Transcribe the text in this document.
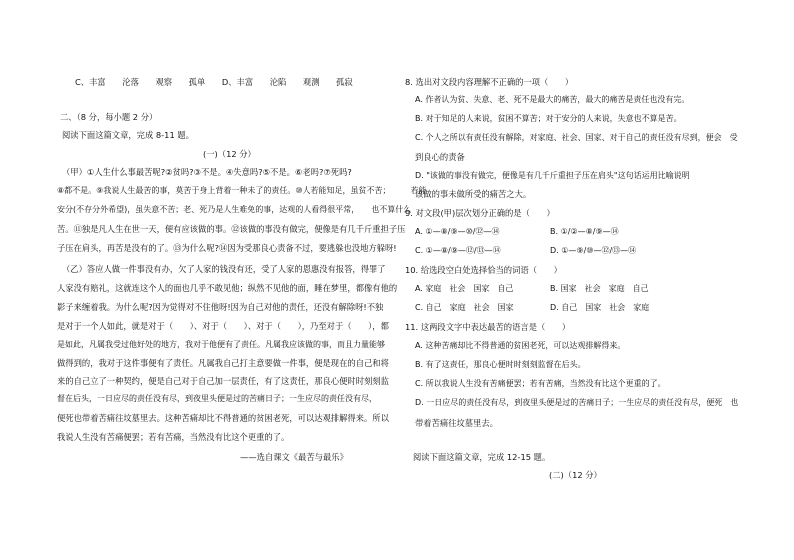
C、丰富　　沦落　　观察　　孤单　　D、丰富　　沦陷　　观测　　孤寂
二、（8 分，每小题 2 分）
阅读下面这篇文章，完成 8-11 题。
(一)（12 分）
（甲）①人生什么事最苦呢?②贫吗?③不是。④失意吗?⑤不是。⑥老吗?⑦死吗?
⑧都不是。⑨我说人生最苦的事，莫苦于身上背着一种未了的责任。⑩人若能知足，虽贫不苦；　　　若能
安分(不存分外希望)，虽失意不苦；老、死乃是人生难免的事，达观的人看得很平常，　　也不算什么
苦。⑪独是凡人生在世一天，便有应该做的事。⑫该做的事没有做完，便像是有几千斤重担子压
子压在肩头，再苦是没有的了。⑬为什么呢?⑭因为受那良心责备不过，要逃躲也没地方躲呀!
（乙）答应人做一件事没有办，欠了人家的钱没有还，受了人家的恩惠没有报答，得罪了
人家没有赔礼，这就连这个人的面也几乎不敢见他；纵然不见他的面，睡在梦里，都像有他的
影子来缠着我。为什么呢?因为觉得对不住他呀!因为自己对他的责任，还没有解除呀!不独
是对于一个人如此，就是对于（　　）、对于（　　）、对于（　　），乃至对于（　　），都
是如此，凡属我受过他好处的地方，我对于他便有了责任。凡属我应该做的事，而且力量能够
做得到的，我对于这件事便有了责任。凡属我自己打主意要做一件事，便是现在的自己和将
来的自己立了一种契约，便是自己对于自己加一层责任，有了这责任，那良心便时时刻刻监
督在后头，一日应尽的责任没有尽，到夜里头便是过的苦痛日子；一生应尽的责任没有尽，
便死也带着苦痛往坟墓里去。这种苦痛却比不得普通的贫困老死，可以达观排解得来。所以
我说人生没有苦痛便罢；若有苦痛，当然没有比这个更重的了。
——选自课文《最苦与最乐》
8. 选出对文段内容理解不正确的一项（　　）
A. 作者认为贫、失意、老、死不是最大的痛苦，最大的痛苦是责任也没有完。
B. 对于知足的人来说，贫困不算苦；对于安分的人来说，失意也不算是苦。
C. 个人之所以有责任没有解除，对家庭、社会、国家、对于自己的责任没有尽到，便会　受
到良心的责备
D. "该做的事没有做完，便像是有几千斤重担子压在肩头"这句话运用比喻说明
该做的事未做所受的痛苦之大。
9. 对文段(甲)层次划分正确的是（　　）
A. ①—⑧/⑨—⑩/⑫—⑭	B. ①/②—⑧/⑨—⑭
C. ①—⑧/⑨—⑫/⑬—⑭	D. ①—⑨/⑩—⑫/⑬—⑭
10. 给选段空白处选择恰当的词语（　　）
A. 家庭　社会　国家　自己	B. 国家　社会　家庭　自己
C. 自己　家庭　社会　国家	D. 自己　国家　社会　家庭
11. 这两段文字中表达最苦的语言是（　　）
A. 这种苦痛却比不得普通的贫困老死，可以达观排解得来。
B. 有了这责任，那良心便时时刻刻监督在后头。
C. 所以我说人生没有苦痛便罢；若有苦痛，当然没有比这个更重的了。
D. 一日应尽的责任没有尽，到夜里头便是过的苦痛日子；一生应尽的责任没有尽，便死　也
带着苦痛往坟墓里去。
阅读下面这篇文章，完成 12-15 题。
(二)（12 分）
